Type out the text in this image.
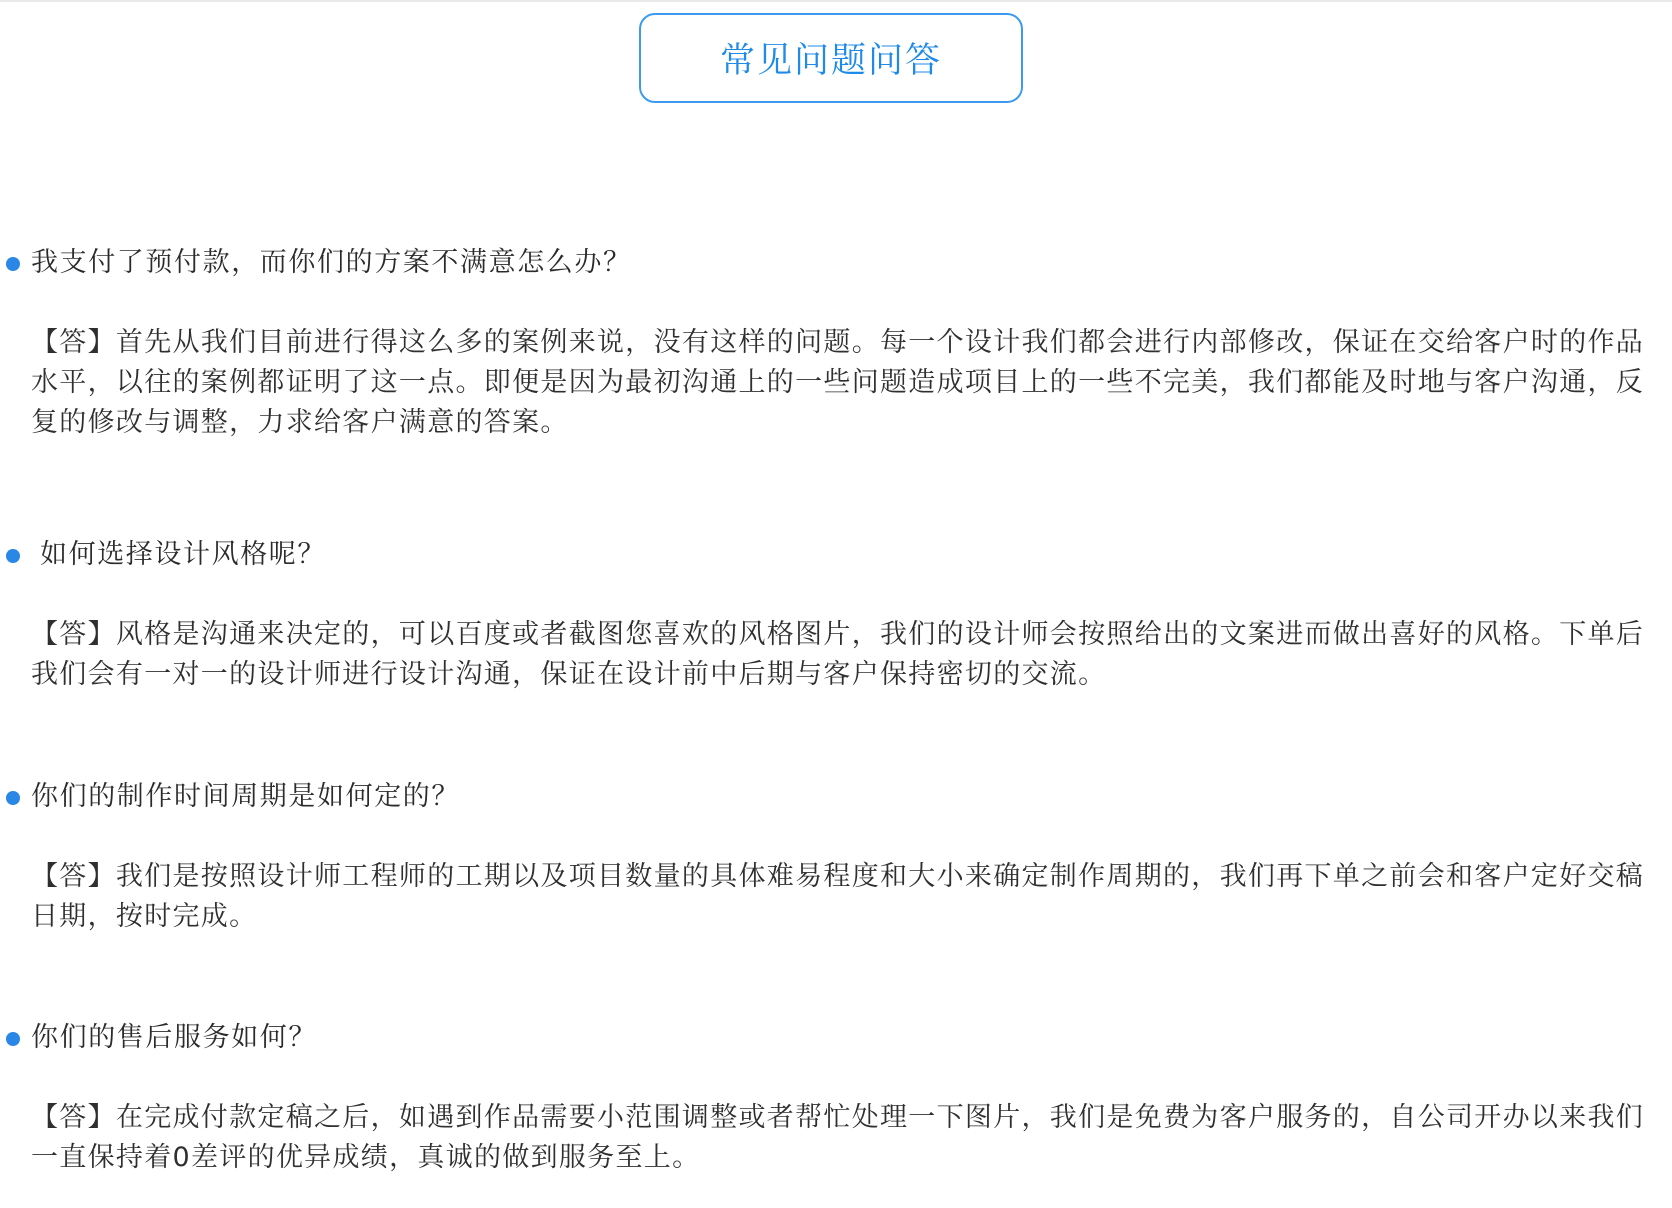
常见问题问答
我支付了预付款，而你们的方案不满意怎么办？
【答】首先从我们目前进行得这么多的案例来说，没有这样的问题。每一个设计我们都会进行内部修改，保证在交给客户时的作品水平，以往的案例都证明了这一点。即便是因为最初沟通上的一些问题造成项目上的一些不完美，我们都能及时地与客户沟通，反复的修改与调整，力求给客户满意的答案。
如何选择设计风格呢？
【答】风格是沟通来决定的，可以百度或者截图您喜欢的风格图片，我们的设计师会按照给出的文案进而做出喜好的风格。下单后我们会有一对一的设计师进行设计沟通，保证在设计前中后期与客户保持密切的交流。
你们的制作时间周期是如何定的？
【答】我们是按照设计师工程师的工期以及项目数量的具体难易程度和大小来确定制作周期的，我们再下单之前会和客户定好交稿日期，按时完成。
你们的售后服务如何？
【答】在完成付款定稿之后，如遇到作品需要小范围调整或者帮忙处理一下图片，我们是免费为客户服务的，自公司开办以来我们一直保持着0差评的优异成绩，真诚的做到服务至上。
